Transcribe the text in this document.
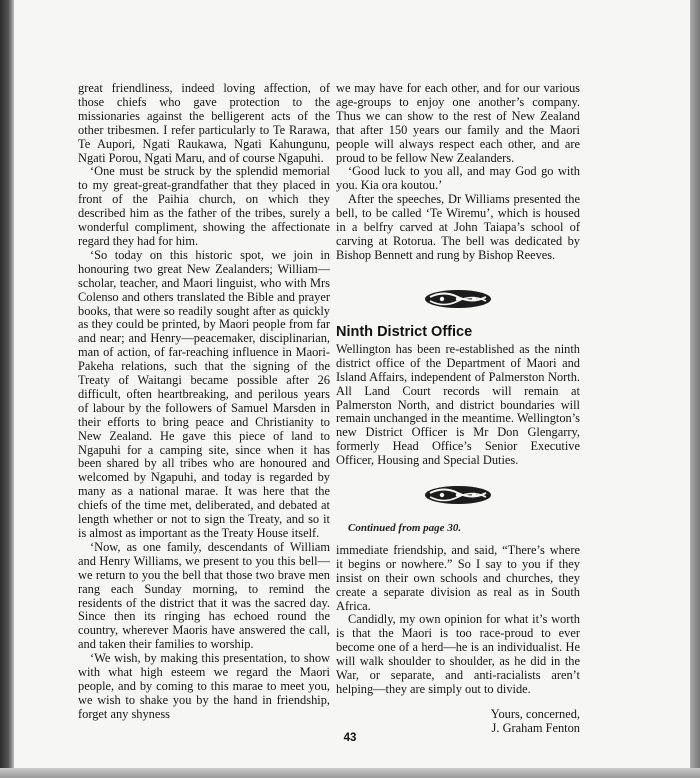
great friendliness, indeed loving affection, of those chiefs who gave protection to the missionaries against the belligerent acts of the other tribesmen. I refer particularly to Te Rarawa, Te Aupori, Ngati Raukawa, Ngati Kahungunu, Ngati Porou, Ngati Maru, and of course Ngapuhi.

‘One must be struck by the splendid memorial to my great-great-grandfather that they placed in front of the Paihia church, on which they described him as the father of the tribes, surely a wonderful compliment, showing the affectionate regard they had for him.

‘So today on this historic spot, we join in honouring two great New Zealanders; William—scholar, teacher, and Maori linguist, who with Mrs Colenso and others translated the Bible and prayer books, that were so readily sought after as quickly as they could be printed, by Maori people from far and near; and Henry—peacemaker, disciplinarian, man of action, of far-reaching influence in Maori-Pakeha relations, such that the signing of the Treaty of Waitangi became possible after 26 difficult, often heartbreaking, and perilous years of labour by the followers of Samuel Marsden in their efforts to bring peace and Christianity to New Zealand. He gave this piece of land to Ngapuhi for a camping site, since when it has been shared by all tribes who are honoured and welcomed by Ngapuhi, and today is regarded by many as a national marae. It was here that the chiefs of the time met, deliberated, and debated at length whether or not to sign the Treaty, and so it is almost as important as the Treaty House itself.

‘Now, as one family, descendants of William and Henry Williams, we present to you this bell—we return to you the bell that those two brave men rang each Sunday morning, to remind the residents of the district that it was the sacred day. Since then its ringing has echoed round the country, wherever Maoris have answered the call, and taken their families to worship.

‘We wish, by making this presentation, to show with what high esteem we regard the Maori people, and by coming to this marae to meet you, we wish to shake you by the hand in friendship, forget any shyness

we may have for each other, and for our various age-groups to enjoy one another’s company. Thus we can show to the rest of New Zealand that after 150 years our family and the Maori people will always respect each other, and are proud to be fellow New Zealanders.

‘Good luck to you all, and may God go with you. Kia ora koutou.’

After the speeches, Dr Williams presented the bell, to be called ‘Te Wiremu’, which is housed in a belfry carved at John Taiapa’s school of carving at Rotorua. The bell was dedicated by Bishop Bennett and rung by Bishop Reeves.

Ninth District Office

Wellington has been re-established as the ninth district office of the Department of Maori and Island Affairs, independent of Palmerston North. All Land Court records will remain at Palmerston North, and district boundaries will remain unchanged in the meantime. Wellington’s new District Officer is Mr Don Glengarry, formerly Head Office’s Senior Executive Officer, Housing and Special Duties.

Continued from page 30.

immediate friendship, and said, “There’s where it begins or nowhere.” So I say to you if they insist on their own schools and churches, they create a separate division as real as in South Africa.

Candidly, my own opinion for what it’s worth is that the Maori is too race-proud to ever become one of a herd—he is an individualist. He will walk shoulder to shoulder, as he did in the War, or separate, and anti-racialists aren’t helping—they are simply out to divide.

Yours, concerned,
J. Graham Fenton
43
